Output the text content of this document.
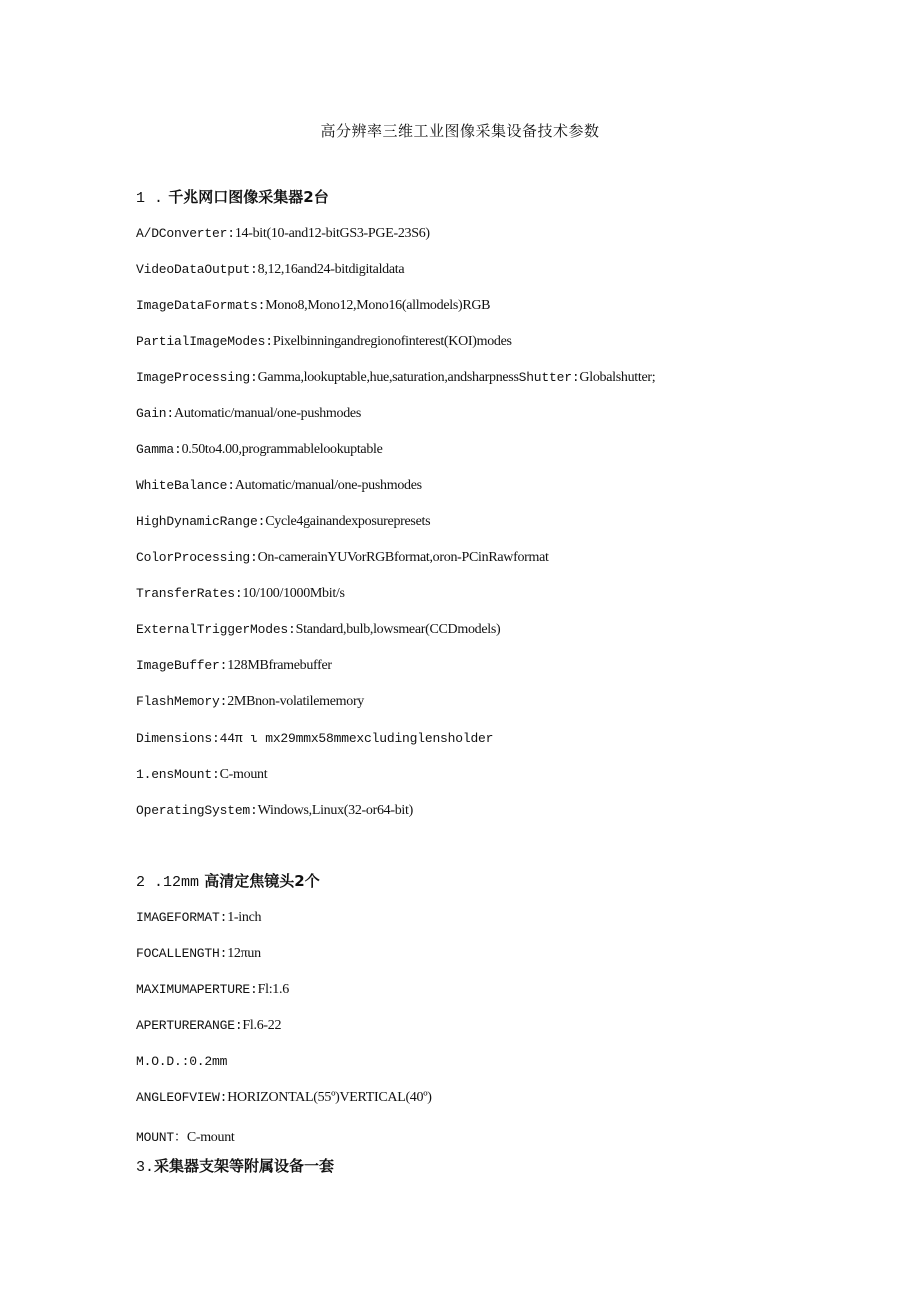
高分辨率三维工业图像采集设备技术参数
1 . 千兆网口图像采集器2台
A/DConverter:14-bit(10-and12-bitGS3-PGE-23S6)
VideoDataOutput:8,12,16and24-bitdigitaldata
ImageDataFormats:Mono8,Mono12,Mono16(allmodels)RGB
PartialImageModes:Pixelbinningandregionofinterest(KOI)modes
ImageProcessing:Gamma,lookuptable,hue,saturation,andsharpnessShutter:Globalshutter;
Gain:Automatic/manual/one-pushmodes
Gamma:0.50to4.00,programmablelookuptable
WhiteBalance:Automatic/manual/one-pushmodes
HighDynamicRange:Cycle4gainandexposurepresets
ColorProcessing:On-camerainYUVorRGBformat,oron-PCinRawformat
TransferRates:10/100/1000Mbit/s
ExternalTriggerModes:Standard,bulb,lowsmear(CCDmodels)
ImageBuffer:128MBframebuffer
FlashMemory:2MBnon-volatilememory
Dimensions:44π ι mx29mmx58mmexcludinglensholder
1.ensMount:C-mount
OperatingSystem:Windows,Linux(32-or64-bit)
2 .12mm 高清定焦镜头2个
IMAGEFORMAT:1-inch
FOCALLENGTH:12πun
MAXIMUMAPERTURE:Fl:1.6
APERTURERANGE:Fl.6-22
M.O.D.:0.2mm
ANGLEOFVIEW:HORIZONTAL(55º)VERTICAL(40º)
MOUNT：C-mount
3.采集器支架等附属设备一套
